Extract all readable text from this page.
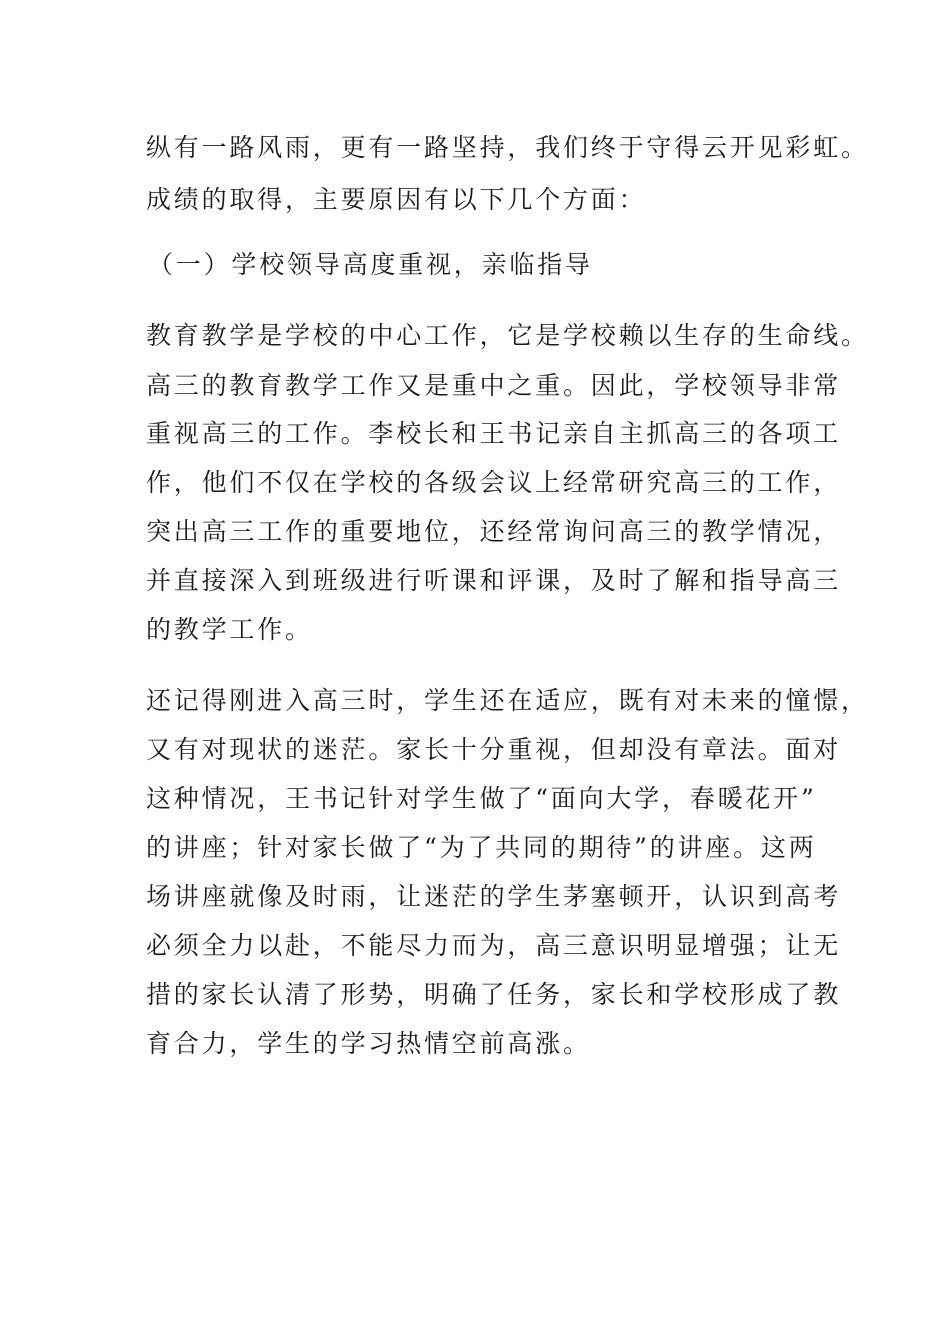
纵有一路风雨，更有一路坚持，我们终于守得云开见彩虹。
成绩的取得，主要原因有以下几个方面：
（一）学校领导高度重视，亲临指导
教育教学是学校的中心工作，它是学校赖以生存的生命线。
高三的教育教学工作又是重中之重。因此，学校领导非常
重视高三的工作。李校长和王书记亲自主抓高三的各项工
作，他们不仅在学校的各级会议上经常研究高三的工作，
突出高三工作的重要地位，还经常询问高三的教学情况，
并直接深入到班级进行听课和评课，及时了解和指导高三
的教学工作。
还记得刚进入高三时，学生还在适应，既有对未来的憧憬，
又有对现状的迷茫。家长十分重视，但却没有章法。面对
这种情况，王书记针对学生做了“面向大学，春暖花开”
的讲座；针对家长做了“为了共同的期待”的讲座。这两
场讲座就像及时雨，让迷茫的学生茅塞顿开，认识到高考
必须全力以赴，不能尽力而为，高三意识明显增强；让无
措的家长认清了形势，明确了任务，家长和学校形成了教
育合力，学生的学习热情空前高涨。
